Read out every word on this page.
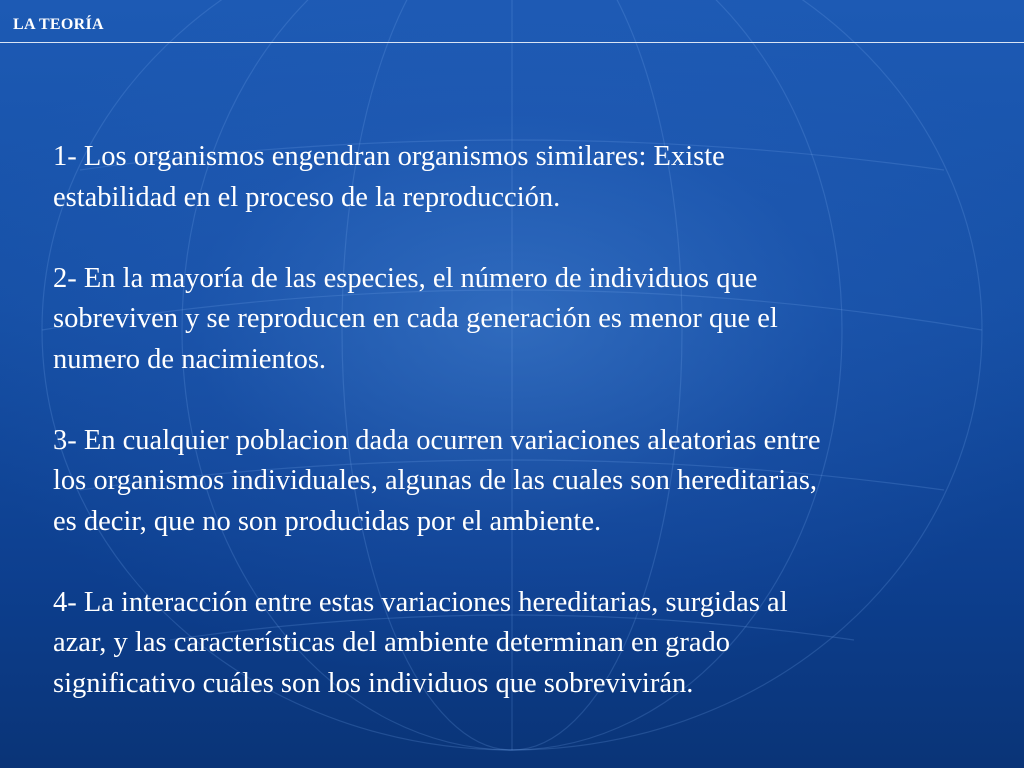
LA TEORÍA
1- Los organismos engendran organismos similares: Existe
estabilidad en el proceso de la reproducción.
2- En la mayoría de las especies, el número de individuos que
sobreviven y se reproducen en cada generación es menor que el
numero de nacimientos.
3- En cualquier poblacion dada ocurren variaciones aleatorias entre
los organismos individuales, algunas de las cuales son hereditarias,
es decir, que no son producidas por el ambiente.
4- La interacción entre estas variaciones hereditarias, surgidas al
azar, y las características del ambiente determinan en grado
significativo cuáles son los individuos que sobrevivirán.
